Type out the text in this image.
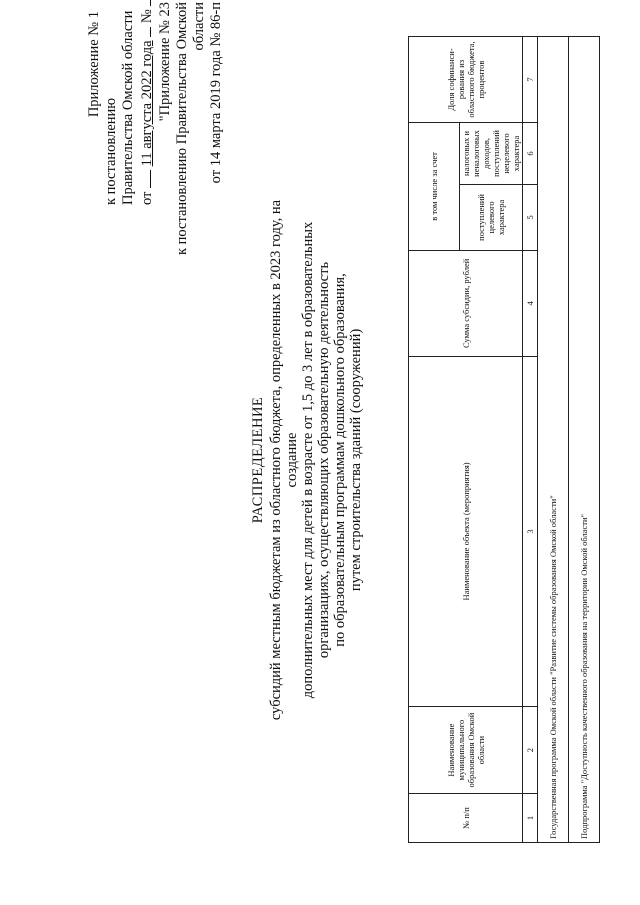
Приложение № 1
к постановлению Правительства Омской области от  11 августа 2022 года  № "Приложение № 23 к постановлению Правительства Омской области от 14 марта 2019 года № 86-п
РАСПРЕДЕЛЕНИЕ субсидий местным бюджетам из областного бюджета, определенных в 2023 году, на создание дополнительных мест для детей в возрасте от 1,5 до 3 лет в образовательных организациях, осуществляющих образовательную деятельность по образовательным программам дошкольного образования, путем строительства зданий (сооружений)
№ п/п	Наименование муниципального образования Омской области	Наименование объекта (мероприятия)	Сумма субсидии, рублей	в том числе за счет		Доля софинанси-рования из областного бюджета, процентов
				поступлений целевого характера	налоговых и неналоговых доходов, поступлений нецелевого характера	
1	2	3	4	5	6	7
Государственная программа Омской области "Развитие системы образования Омской области"						
Подпрограмма "Доступность качественного образования на территории Омской области"						
